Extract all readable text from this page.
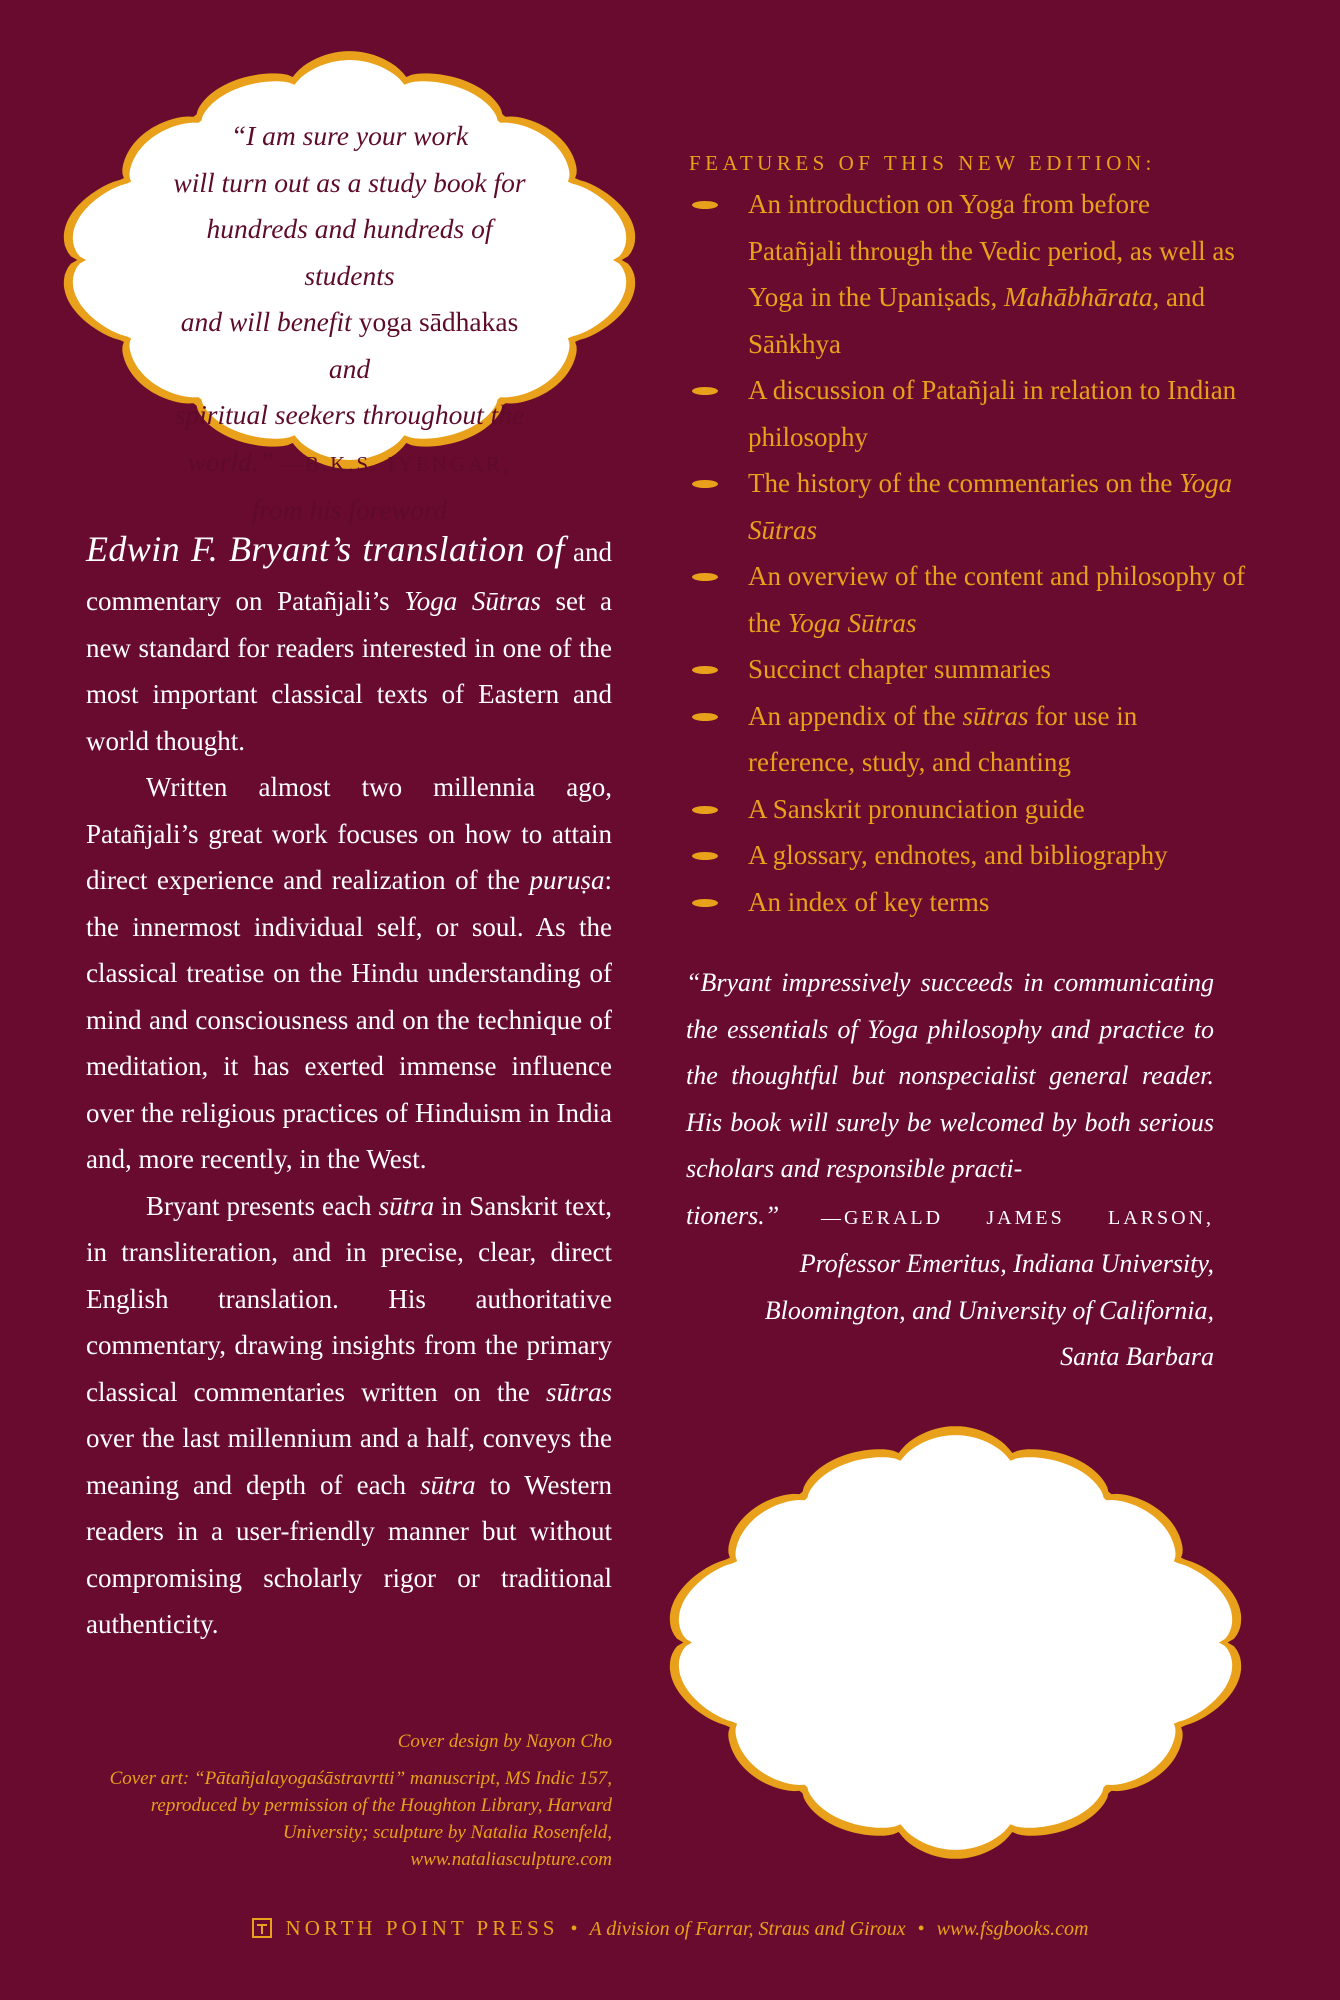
“I am sure your work
will turn out as a study book for
hundreds and hundreds of students
and will benefit yoga sādhakas and
spiritual seekers throughout the
world.” —B.K.S. IYENGAR,
from his foreword

Edwin F. Bryant’s translation of and commentary on Patañjali’s Yoga Sūtras set a new standard for readers interested in one of the most important classical texts of Eastern and world thought.

Written almost two millennia ago, Patañjali’s great work focuses on how to attain direct experience and realization of the puruṣa: the innermost individual self, or soul. As the classical treatise on the Hindu understanding of mind and consciousness and on the technique of meditation, it has exerted immense influence over the religious practices of Hinduism in India and, more recently, in the West.

Bryant presents each sūtra in Sanskrit text, in transliteration, and in precise, clear, direct English translation. His authoritative commentary, drawing insights from the primary classical commentaries written on the sūtras over the last millennium and a half, conveys the meaning and depth of each sūtra to Western readers in a user-friendly manner but without compromising scholarly rigor or traditional authenticity.

Cover design by Nayon Cho
Cover art: “Pātañjalayogaśāstravrtti” manuscript, MS Indic 157, reproduced by permission of the Houghton Library, Harvard University; sculpture by Natalia Rosenfeld, www.nataliasculpture.com
FEATURES OF THIS NEW EDITION:
An introduction on Yoga from before Patañjali through the Vedic period, as well as Yoga in the Upaniṣads, Mahābhārata, and Sāṅkhya
A discussion of Patañjali in relation to Indian philosophy
The history of the commentaries on the Yoga Sūtras
An overview of the content and philosophy of the Yoga Sūtras
Succinct chapter summaries
An appendix of the sūtras for use in reference, study, and chanting
A Sanskrit pronunciation guide
A glossary, endnotes, and bibliography
An index of key terms
“Bryant impressively succeeds in communicating the essentials of Yoga philosophy and practice to the thoughtful but nonspecialist general reader. His book will surely be welcomed by both serious scholars and responsible practi-
tioners.” —GERALD JAMES LARSON,
Professor Emeritus, Indiana University,
Bloomington, and University of California,
Santa Barbara
NORTH POINT PRESS • A division of Farrar, Straus and Giroux • www.fsgbooks.com
